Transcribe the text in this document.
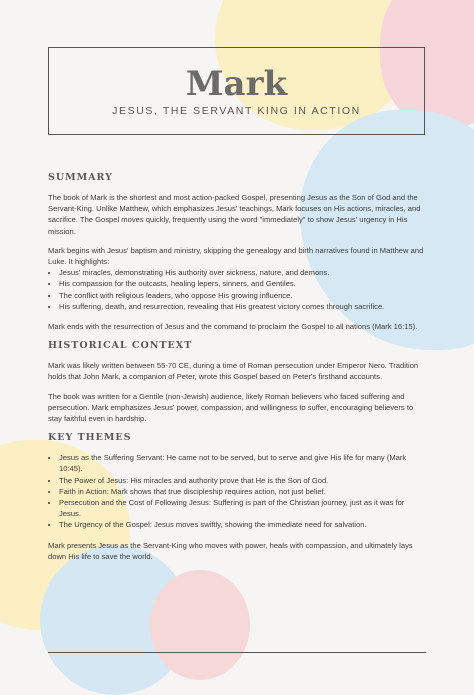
Mark
JESUS, THE SERVANT KING IN ACTION
SUMMARY

The book of Mark is the shortest and most action-packed Gospel, presenting Jesus as the Son of God and the Servant-King. Unlike Matthew, which emphasizes Jesus' teachings, Mark focuses on His actions, miracles, and sacrifice. The Gospel moves quickly, frequently using the word "immediately" to show Jesus' urgency in His mission.

Mark begins with Jesus' baptism and ministry, skipping the genealogy and birth narratives found in Matthew and Luke. It highlights:

• Jesus' miracles, demonstrating His authority over sickness, nature, and demons.
• His compassion for the outcasts, healing lepers, sinners, and Gentiles.
• The conflict with religious leaders, who oppose His growing influence.
• His suffering, death, and resurrection, revealing that His greatest victory comes through sacrifice.

Mark ends with the resurrection of Jesus and the command to proclaim the Gospel to all nations (Mark 16:15).

HISTORICAL CONTEXT

Mark was likely written between 55-70 CE, during a time of Roman persecution under Emperor Nero. Tradition holds that John Mark, a companion of Peter, wrote this Gospel based on Peter's firsthand accounts.

The book was written for a Gentile (non-Jewish) audience, likely Roman believers who faced suffering and persecution. Mark emphasizes Jesus' power, compassion, and willingness to suffer, encouraging believers to stay faithful even in hardship.

KEY THEMES
• Jesus as the Suffering Servant: He came not to be served, but to serve and give His life for many (Mark 10:45).
• The Power of Jesus: His miracles and authority prove that He is the Son of God.
• Faith in Action: Mark shows that true discipleship requires action, not just belief.
• Persecution and the Cost of Following Jesus: Suffering is part of the Christian journey, just as it was for Jesus.
• The Urgency of the Gospel: Jesus moves swiftly, showing the immediate need for salvation.

Mark presents Jesus as the Servant-King who moves with power, heals with compassion, and ultimately lays down His life to save the world.
